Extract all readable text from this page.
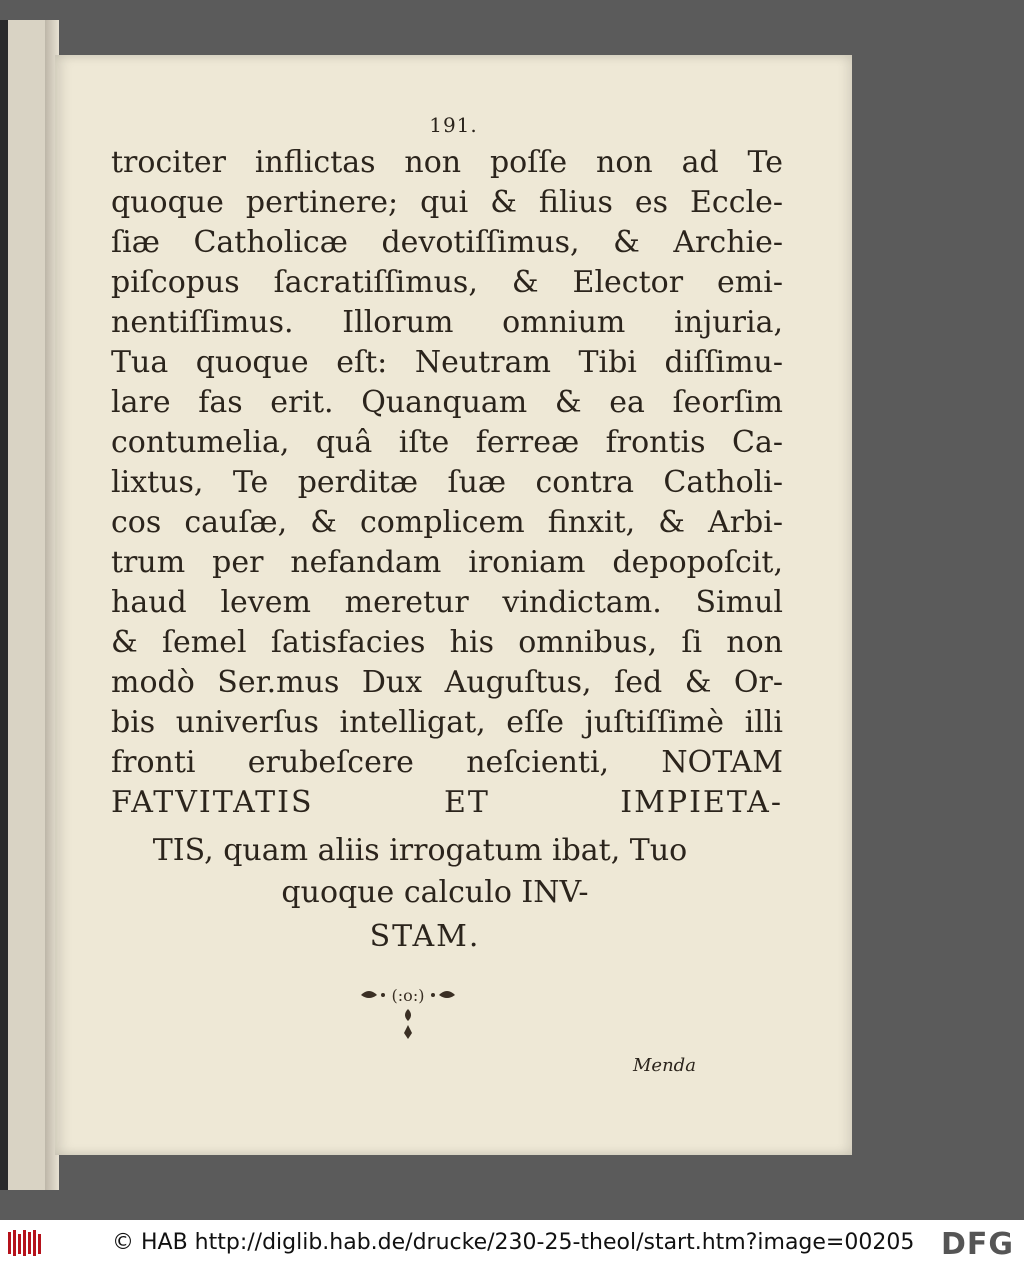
191.
trociter inflictas non poſſe non ad Te
quoque pertinere; qui & filius es Eccle-
ſiæ Catholicæ devotiſſimus, & Archie-
piſcopus ſacratiſſimus, & Elector emi-
nentiſſimus. Illorum omnium injuria,
Tua quoque eſt: Neutram Tibi diſſimu-
lare fas erit. Quanquam & ea ſeorſim
contumelia, quâ iſte ferreæ frontis Ca-
lixtus, Te perditæ ſuæ contra Catholi-
cos cauſæ, & complicem finxit, & Arbi-
trum per nefandam ironiam depopoſcit,
haud levem meretur vindictam. Simul
& ſemel ſatisfacies his omnibus, ſi non
modò Ser.mus Dux Auguſtus, ſed & Or-
bis univerſus intelligat, eſſe juſtiſſimè illi
fronti erubeſcere neſcienti, NOTAM
FATVITATIS ET IMPIETA-
TIS, quam aliis irrogatum ibat, Tuo
quoque calculo INV-
STAM.
(:o:)
Menda
© HAB http://diglib.hab.de/drucke/230-25-theol/start.htm?image=00205 DFG
